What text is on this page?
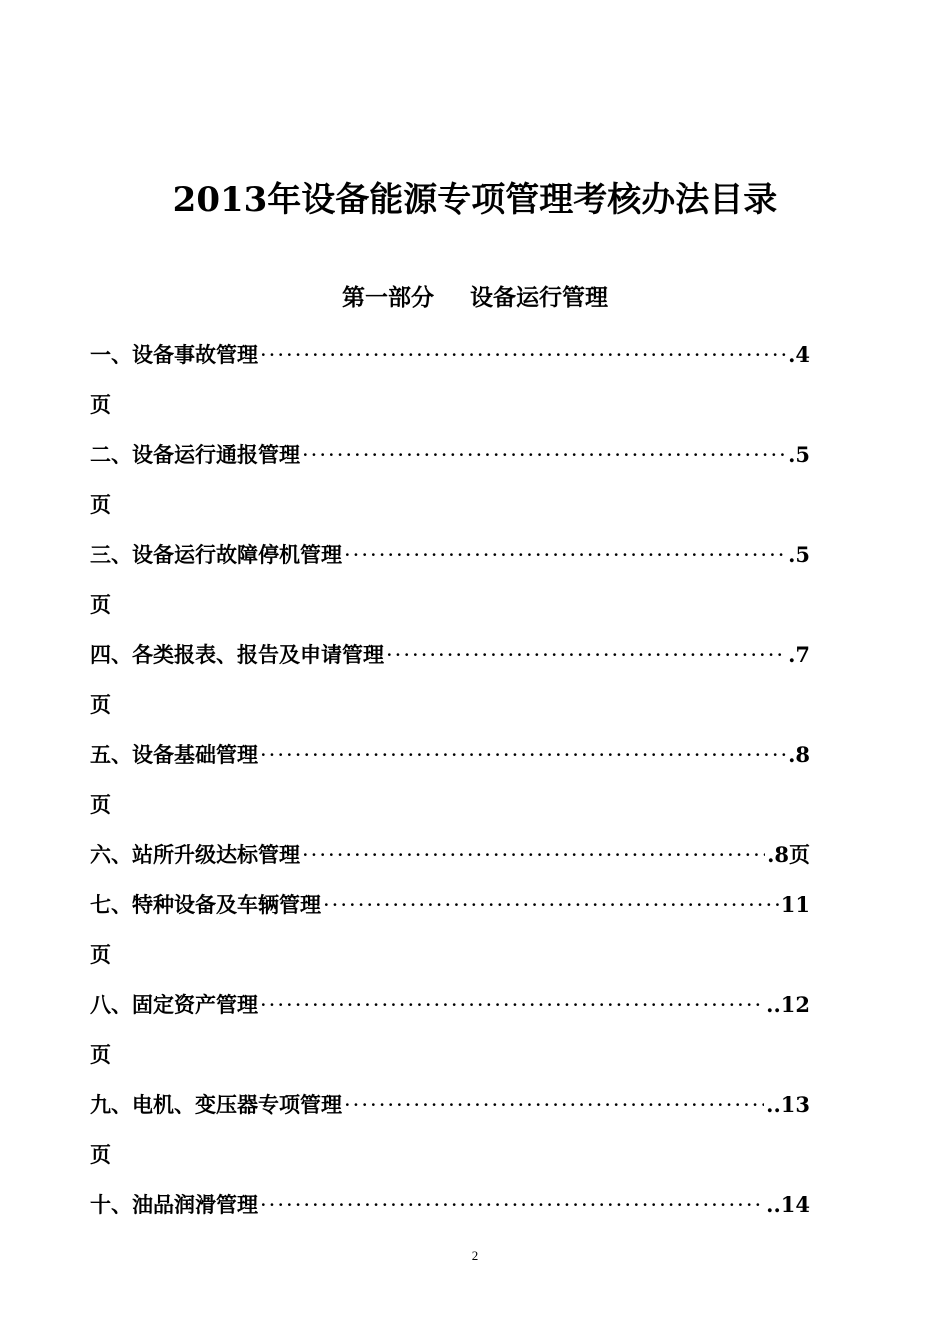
2013年设备能源专项管理考核办法目录
第一部分 设备运行管理
一、设备事故管理 ·····	.4
页
二、设备运行通报管理 ·····	.5
页
三、设备运行故障停机管理 ·····	.5
页
四、各类报表、报告及申请管理 ·····	.7
页
五、设备基础管理 ·····	.8
页
六、站所升级达标管理 ·····	.8页
七、特种设备及车辆管理 ·····	11
页
八、固定资产管理 ·····	..12
页
九、电机、变压器专项管理 ·····	..13
页
十、油品润滑管理 ·····	..14
2
